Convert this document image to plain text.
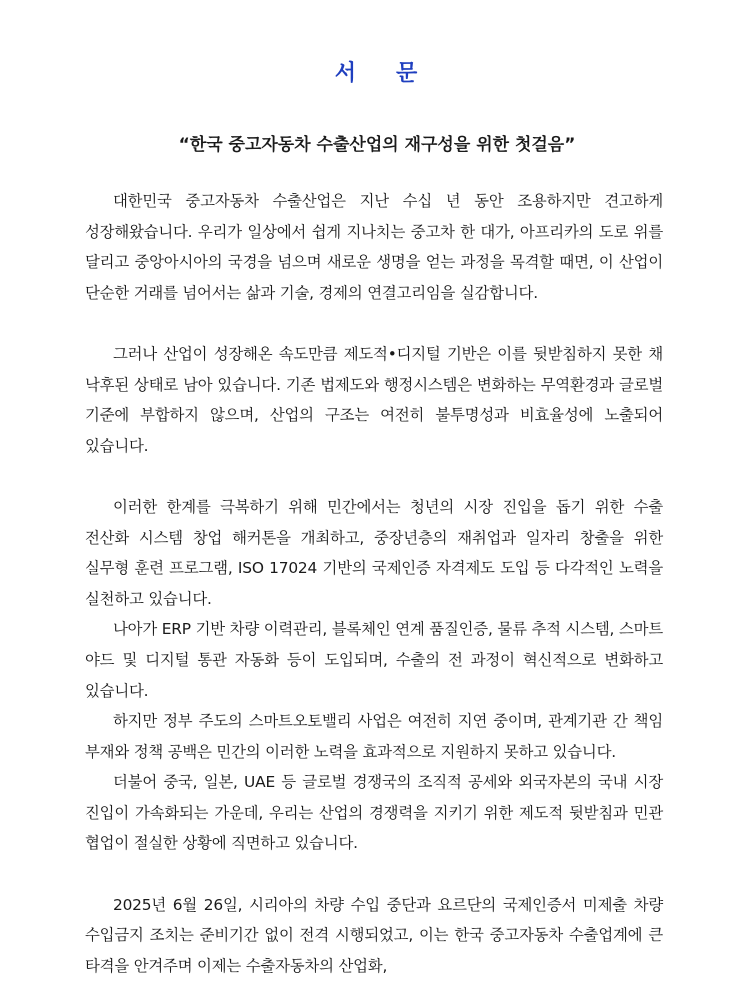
서 문
“한국 중고자동차 수출산업의 재구성을 위한 첫걸음”

대한민국 중고자동차 수출산업은 지난 수십 년 동안 조용하지만 견고하게 성장해왔습니다. 우리가 일상에서 쉽게 지나치는 중고차 한 대가, 아프리카의 도로 위를 달리고 중앙아시아의 국경을 넘으며 새로운 생명을 얻는 과정을 목격할 때면, 이 산업이 단순한 거래를 넘어서는 삶과 기술, 경제의 연결고리임을 실감합니다.

그러나 산업이 성장해온 속도만큼 제도적•디지털 기반은 이를 뒷받침하지 못한 채 낙후된 상태로 남아 있습니다. 기존 법제도와 행정시스템은 변화하는 무역환경과 글로벌 기준에 부합하지 않으며, 산업의 구조는 여전히 불투명성과 비효율성에 노출되어 있습니다.

이러한 한계를 극복하기 위해 민간에서는 청년의 시장 진입을 돕기 위한 수출 전산화 시스템 창업 해커톤을 개최하고, 중장년층의 재취업과 일자리 창출을 위한 실무형 훈련 프로그램, ISO 17024 기반의 국제인증 자격제도 도입 등 다각적인 노력을 실천하고 있습니다.

나아가 ERP 기반 차량 이력관리, 블록체인 연계 품질인증, 물류 추적 시스템, 스마트 야드 및 디지털 통관 자동화 등이 도입되며, 수출의 전 과정이 혁신적으로 변화하고 있습니다.

하지만 정부 주도의 스마트오토밸리 사업은 여전히 지연 중이며, 관계기관 간 책임 부재와 정책 공백은 민간의 이러한 노력을 효과적으로 지원하지 못하고 있습니다.

더불어 중국, 일본, UAE 등 글로벌 경쟁국의 조직적 공세와 외국자본의 국내 시장 진입이 가속화되는 가운데, 우리는 산업의 경쟁력을 지키기 위한 제도적 뒷받침과 민관 협업이 절실한 상황에 직면하고 있습니다.

2025년 6월 26일, 시리아의 차량 수입 중단과 요르단의 국제인증서 미제출 차량 수입금지 조치는 준비기간 없이 전격 시행되었고, 이는 한국 중고자동차 수출업계에 큰 타격을 안겨주며 이제는 수출자동차의 산업화,
